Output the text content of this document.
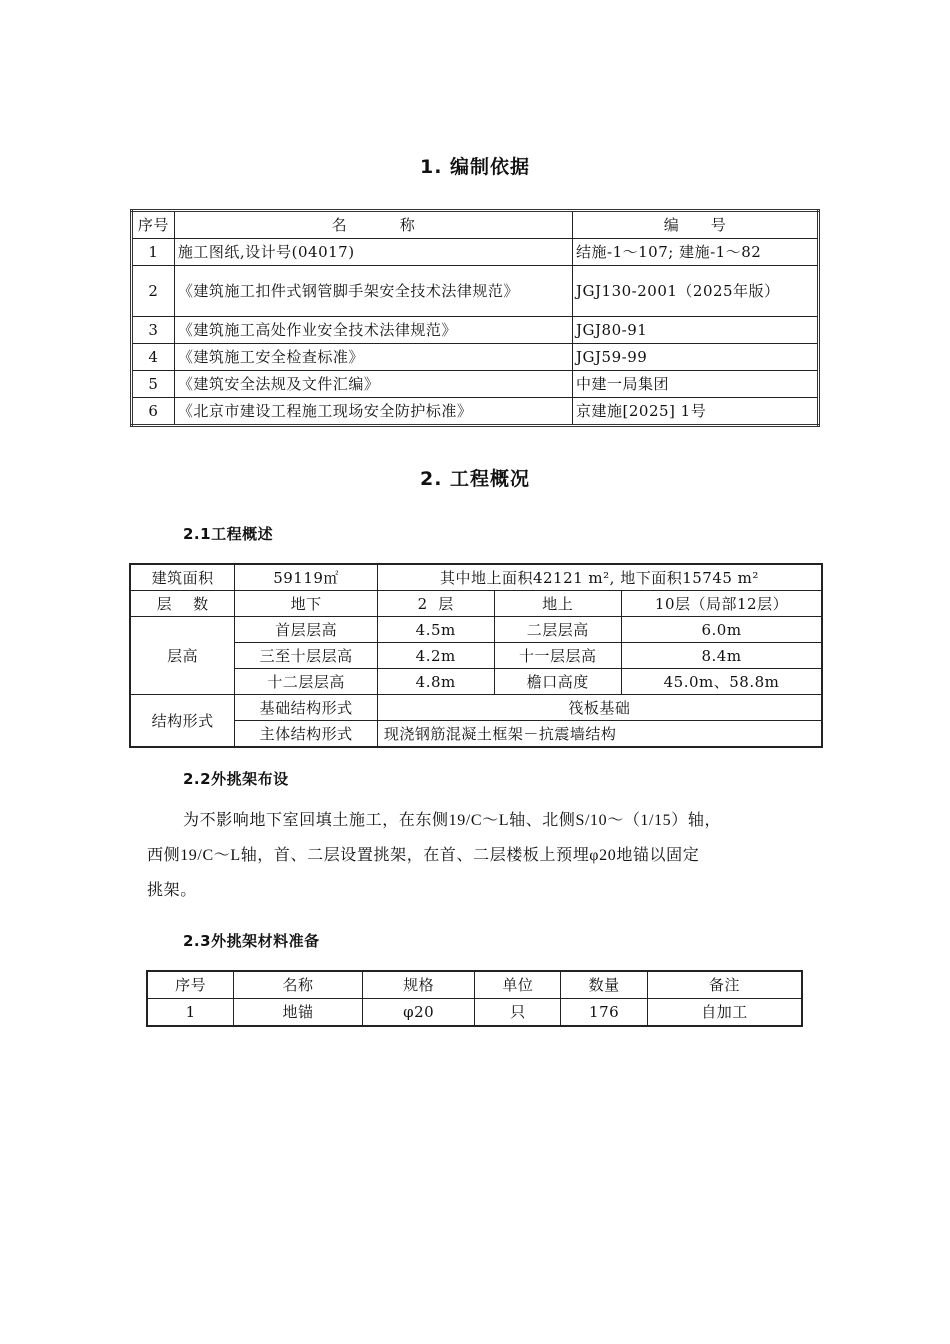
1. 编制依据
序号	名          称	编      号
1	施工图纸,设计号(04017)	结施-1～107; 建施-1～82
2	《建筑施工扣件式钢管脚手架安全技术法律规范》	JGJ130-2001（2025年版）
3	《建筑施工高处作业安全技术法律规范》	JGJ80-91
4	《建筑施工安全检查标准》	JGJ59-99
5	《建筑安全法规及文件汇编》	中建一局集团
6	《北京市建设工程施工现场安全防护标准》	京建施[2025] 1号
2. 工程概况
2.1工程概述
建筑面积	59119㎡	其中地上面积42121 m², 地下面积15745 m²		
层    数	地下	2  层	地上	10层（局部12层）
层高	首层层高	4.5m	二层层高	6.0m
	三至十层层高	4.2m	十一层层高	8.4m
	十二层层高	4.8m	檐口高度	45.0m、58.8m
结构形式	基础结构形式	筏板基础		
	主体结构形式	现浇钢筋混凝土框架－抗震墙结构		
2.2外挑架布设
为不影响地下室回填土施工，在东侧19/C～L轴、北侧S/10～（1/15）轴，
西侧19/C～L轴，首、二层设置挑架，在首、二层楼板上预埋φ20地锚以固定
挑架。
2.3外挑架材料准备
序号	名称	规格	单位	数量	备注
1	地锚	φ20	只	176	自加工
